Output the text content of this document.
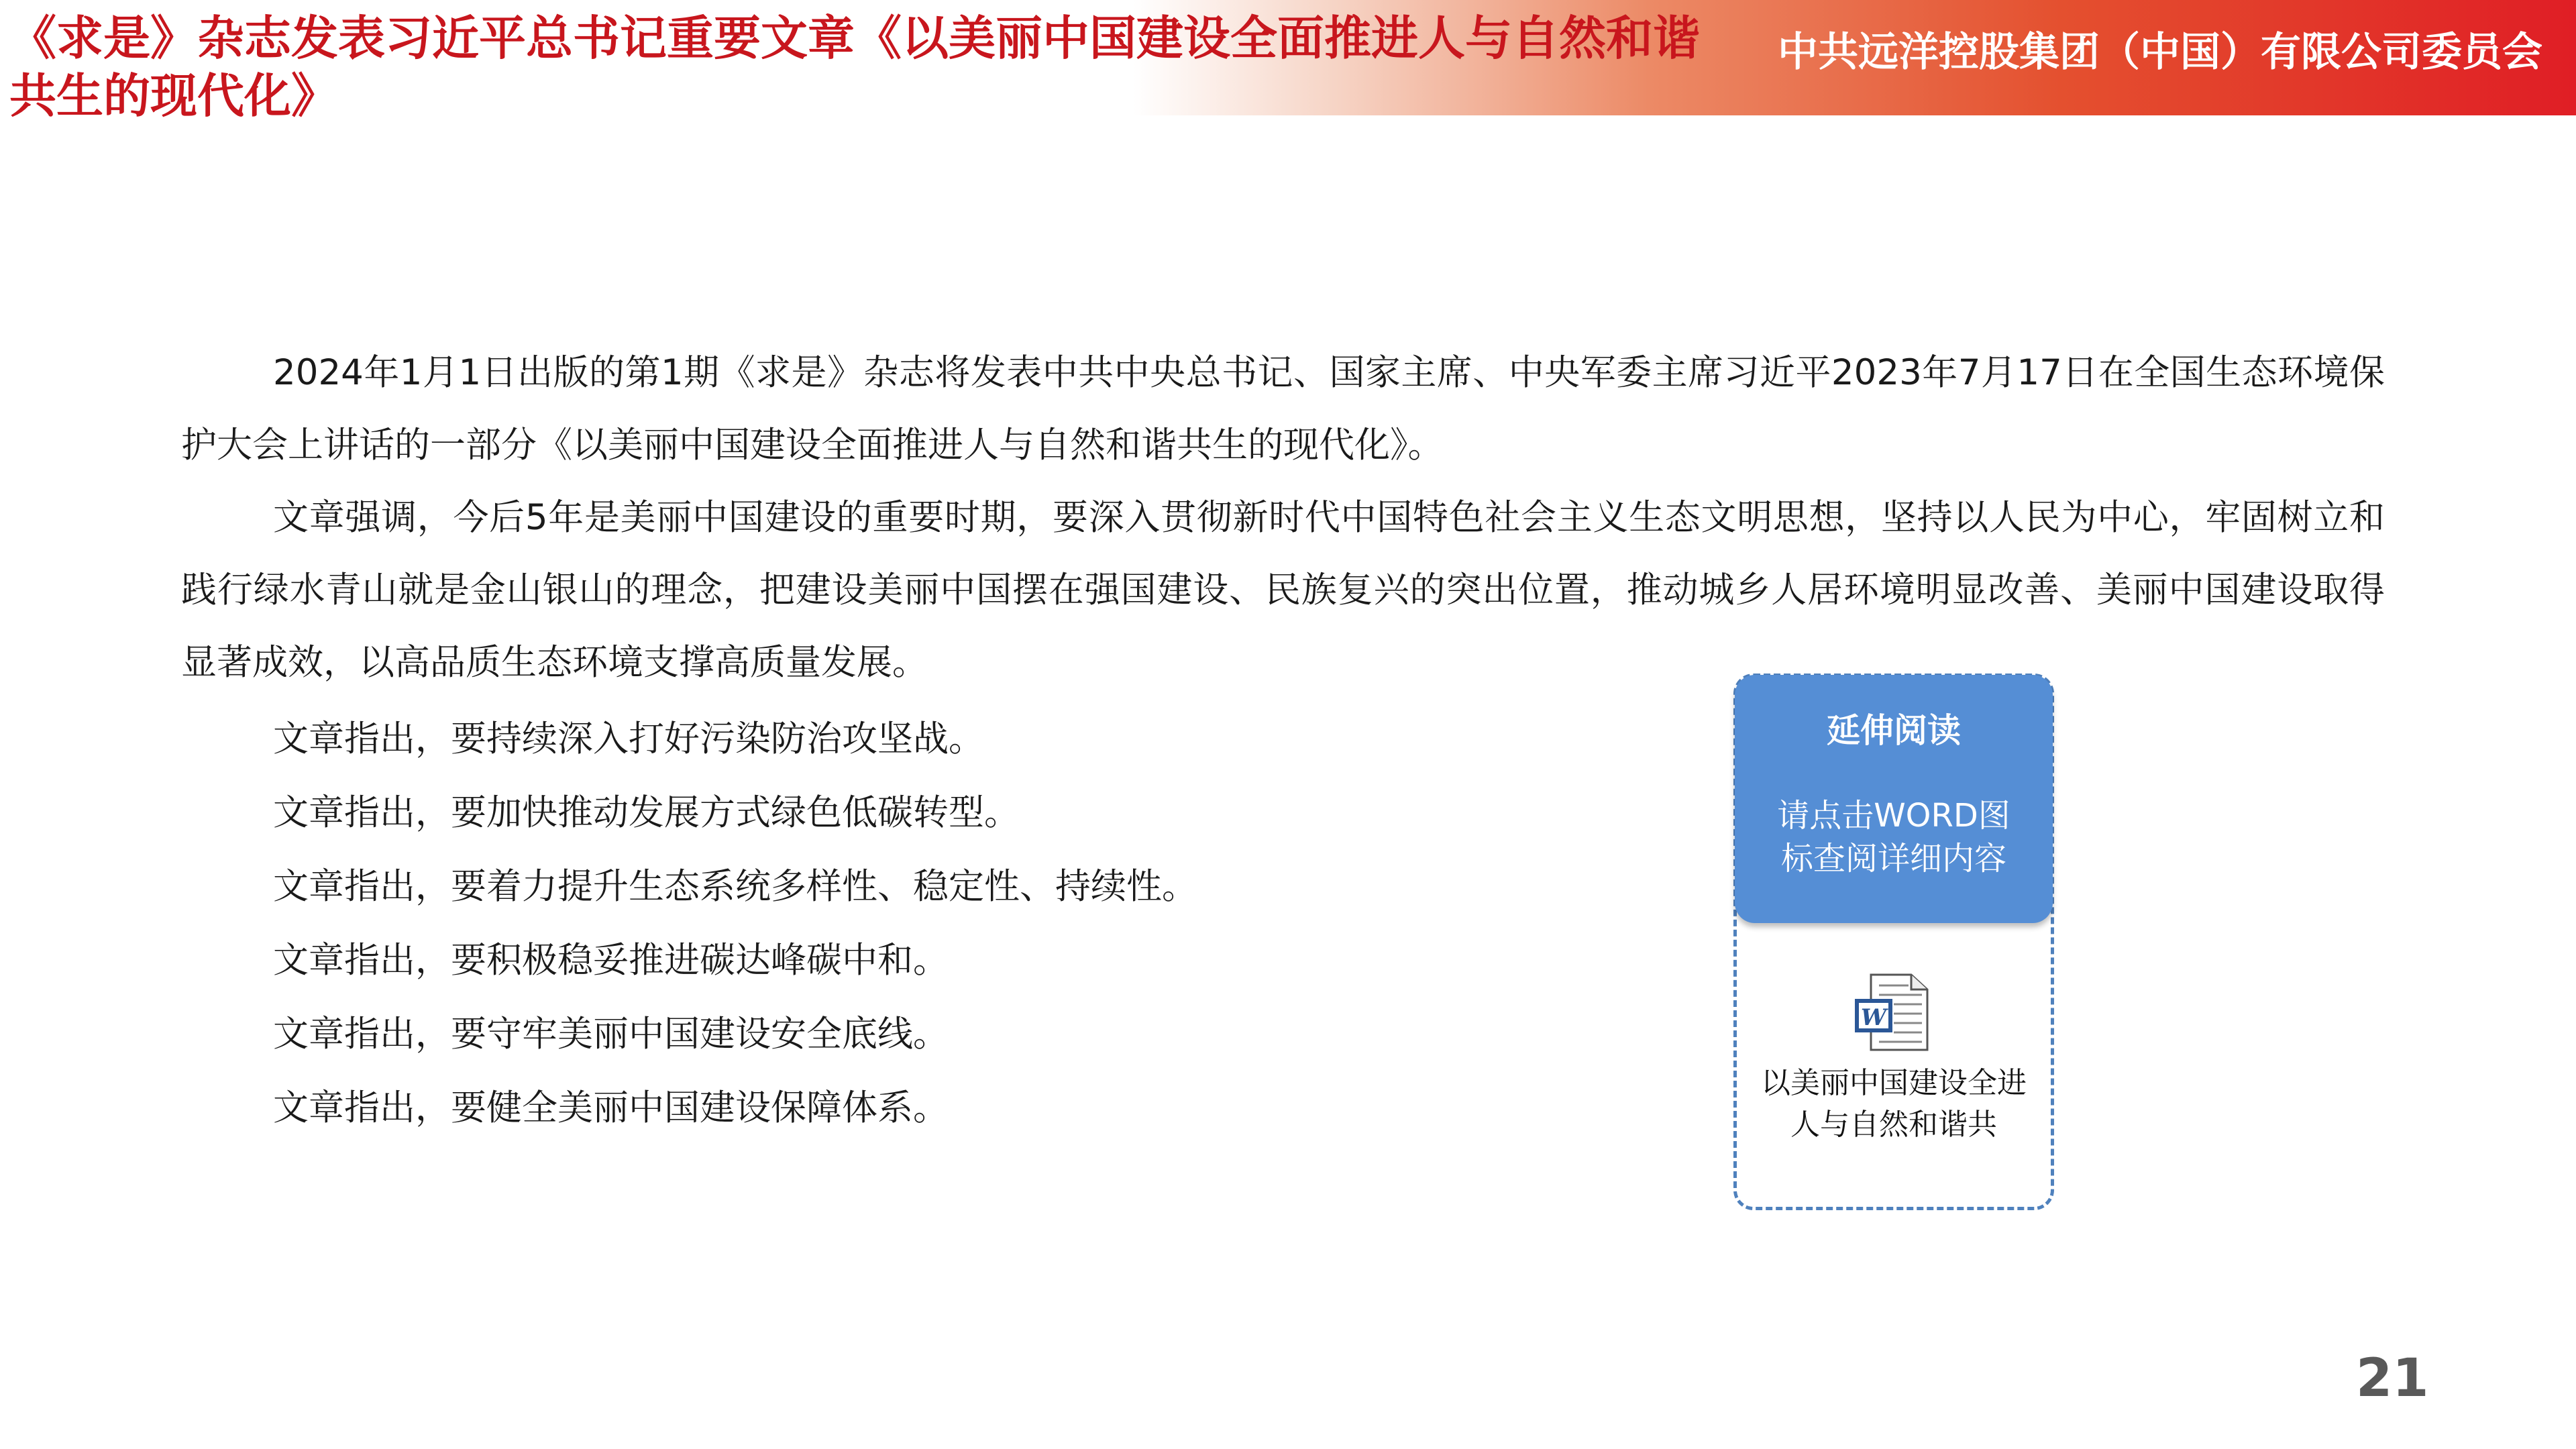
《求是》杂志发表习近平总书记重要文章《以美丽中国建设全面推进人与自然和谐共生的现代化》
中共远洋控股集团（中国）有限公司委员会

2024年1月1日出版的第1期《求是》杂志将发表中共中央总书记、国家主席、中央军委主席习近平2023年7月17日在全国生态环境保护大会上讲话的一部分《以美丽中国建设全面推进人与自然和谐共生的现代化》。

文章强调，今后5年是美丽中国建设的重要时期，要深入贯彻新时代中国特色社会主义生态文明思想，坚持以人民为中心，牢固树立和践行绿水青山就是金山银山的理念，把建设美丽中国摆在强国建设、民族复兴的突出位置，推动城乡人居环境明显改善、美丽中国建设取得显著成效，以高品质生态环境支撑高质量发展。

文章指出，要持续深入打好污染防治攻坚战。
文章指出，要加快推动发展方式绿色低碳转型。
文章指出，要着力提升生态系统多样性、稳定性、持续性。
文章指出，要积极稳妥推进碳达峰碳中和。
文章指出，要守牢美丽中国建设安全底线。
文章指出，要健全美丽中国建设保障体系。
延伸阅读
请点击WORD图标查阅详细内容
W
以美丽中国建设全进人与自然和谐共
21
